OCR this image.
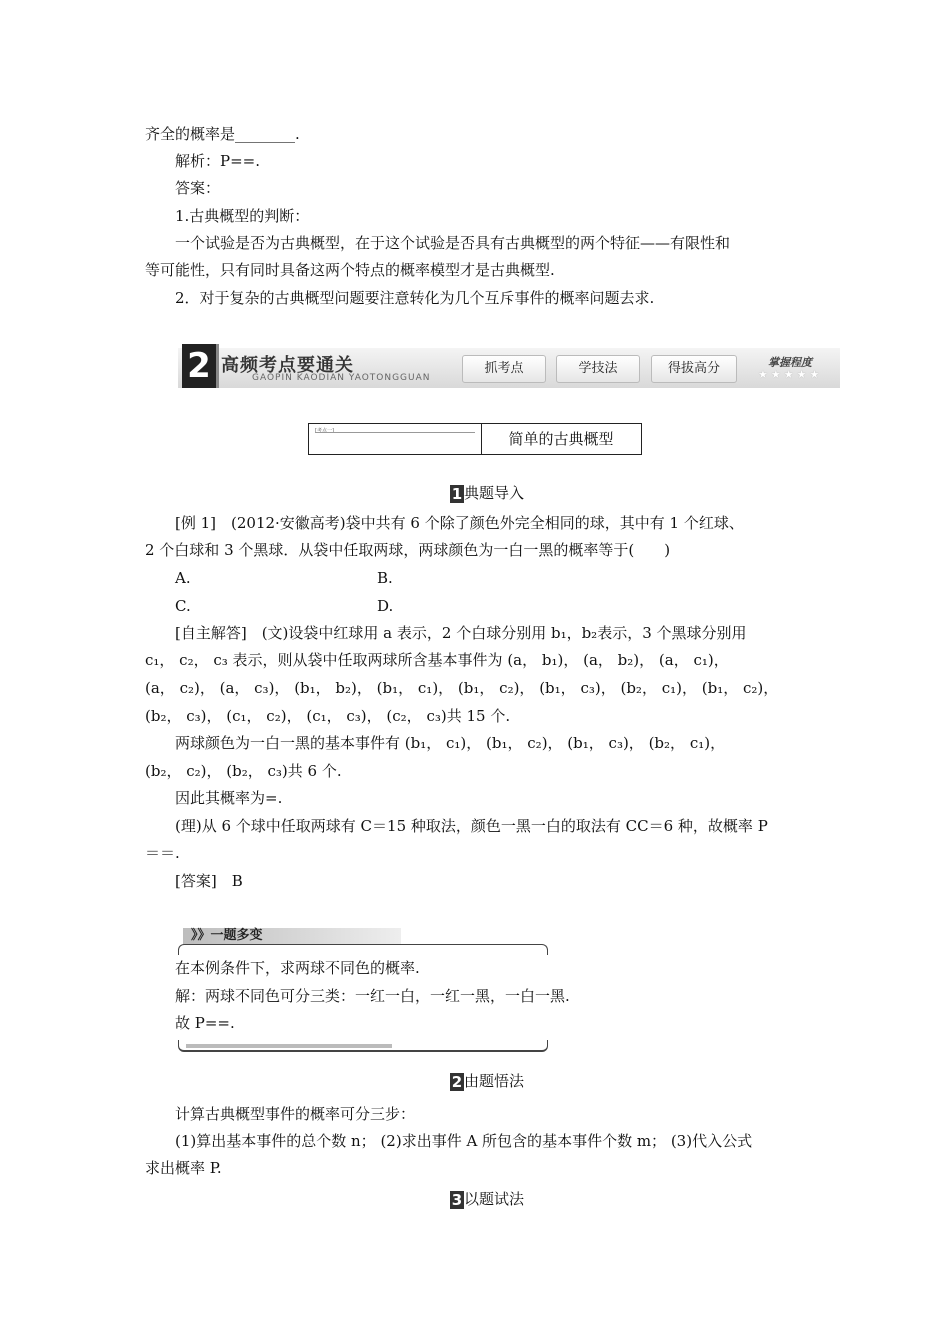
齐全的概率是________.
解析：P==.
答案：
1.古典概型的判断：
一个试验是否为古典概型，在于这个试验是否具有古典概型的两个特征——有限性和
等可能性，只有同时具备这两个特点的概率模型才是古典概型.
2．对于复杂的古典概型问题要注意转化为几个互斥事件的概率问题去求.
2 高频考点要通关
GAOPIN KAODIAN YAOTONGGUAN
抓考点	学技法	得拔高分	掌握程度
★★★★★
[考点一]	简单的古典概型
1 典题导入
[例 1]　(2012·安徽高考)袋中共有 6 个除了颜色外完全相同的球，其中有 1 个红球、
2 个白球和 3 个黑球．从袋中任取两球，两球颜色为一白一黑的概率等于(　　)
A.	B.
C.	D.
[自主解答]　(文)设袋中红球用 a 表示，2 个白球分别用 b₁，b₂表示，3 个黑球分别用
c₁， c₂， c₃ 表示，则从袋中任取两球所含基本事件为 (a， b₁)， (a， b₂)， (a， c₁)，
(a， c₂)， (a， c₃)， (b₁， b₂)， (b₁， c₁)， (b₁， c₂)， (b₁， c₃)， (b₂， c₁)， (b₁， c₂)，
(b₂， c₃)， (c₁， c₂)， (c₁， c₃)， (c₂， c₃)共 15 个.
两球颜色为一白一黑的基本事件有 (b₁， c₁)， (b₁， c₂)， (b₁， c₃)， (b₂， c₁)，
(b₂， c₂)， (b₂， c₃)共 6 个.
因此其概率为=.
(理)从 6 个球中任取两球有 C＝15 种取法，颜色一黑一白的取法有 CC＝6 种，故概率 P
＝＝.
[答案]　B
》》一题多变
在本例条件下，求两球不同色的概率.
解：两球不同色可分三类：一红一白，一红一黑，一白一黑.
故 P==.
2 由题悟法
计算古典概型事件的概率可分三步：
(1)算出基本事件的总个数 n； (2)求出事件 A 所包含的基本事件个数 m； (3)代入公式
求出概率 P.
3 以题试法
